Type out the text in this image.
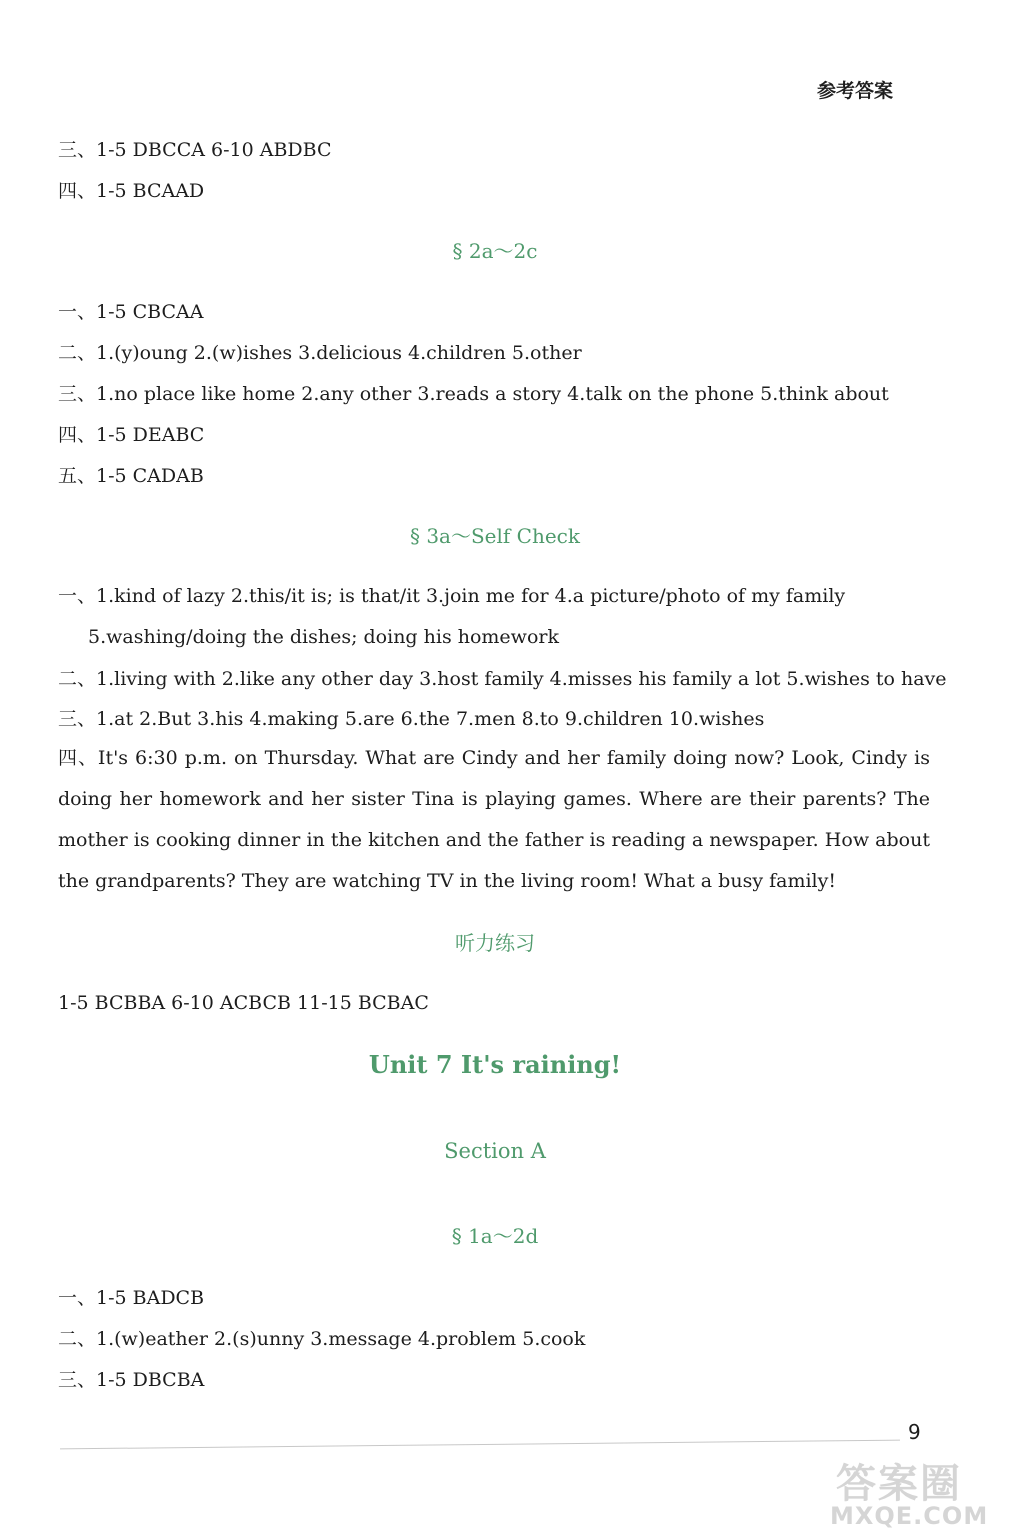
参考答案
三、1-5 DBCCA 6-10 ABDBC
四、1-5 BCAAD
§ 2a～2c
一、1-5 CBCAA
二、1.(y)oung 2.(w)ishes 3.delicious 4.children 5.other
三、1.no place like home 2.any other 3.reads a story 4.talk on the phone 5.think about
四、1-5 DEABC
五、1-5 CADAB
§ 3a～Self Check
一、1.kind of lazy 2.this/it is; is that/it 3.join me for 4.a picture/photo of my family
5.washing/doing the dishes; doing his homework
二、1.living with 2.like any other day 3.host family 4.misses his family a lot 5.wishes to have
三、1.at 2.But 3.his 4.making 5.are 6.the 7.men 8.to 9.children 10.wishes
四、It's 6:30 p.m. on Thursday. What are Cindy and her family doing now? Look, Cindy is doing her homework and her sister Tina is playing games. Where are their parents? The mother is cooking dinner in the kitchen and the father is reading a newspaper. How about the grandparents? They are watching TV in the living room! What a busy family!
听力练习
1-5 BCBBA 6-10 ACBCB 11-15 BCBAC
Unit 7 It's raining!
Section A
§ 1a～2d
一、1-5 BADCB
二、1.(w)eather 2.(s)unny 3.message 4.problem 5.cook
三、1-5 DBCBA
9
答案圈
MXQE.COM
